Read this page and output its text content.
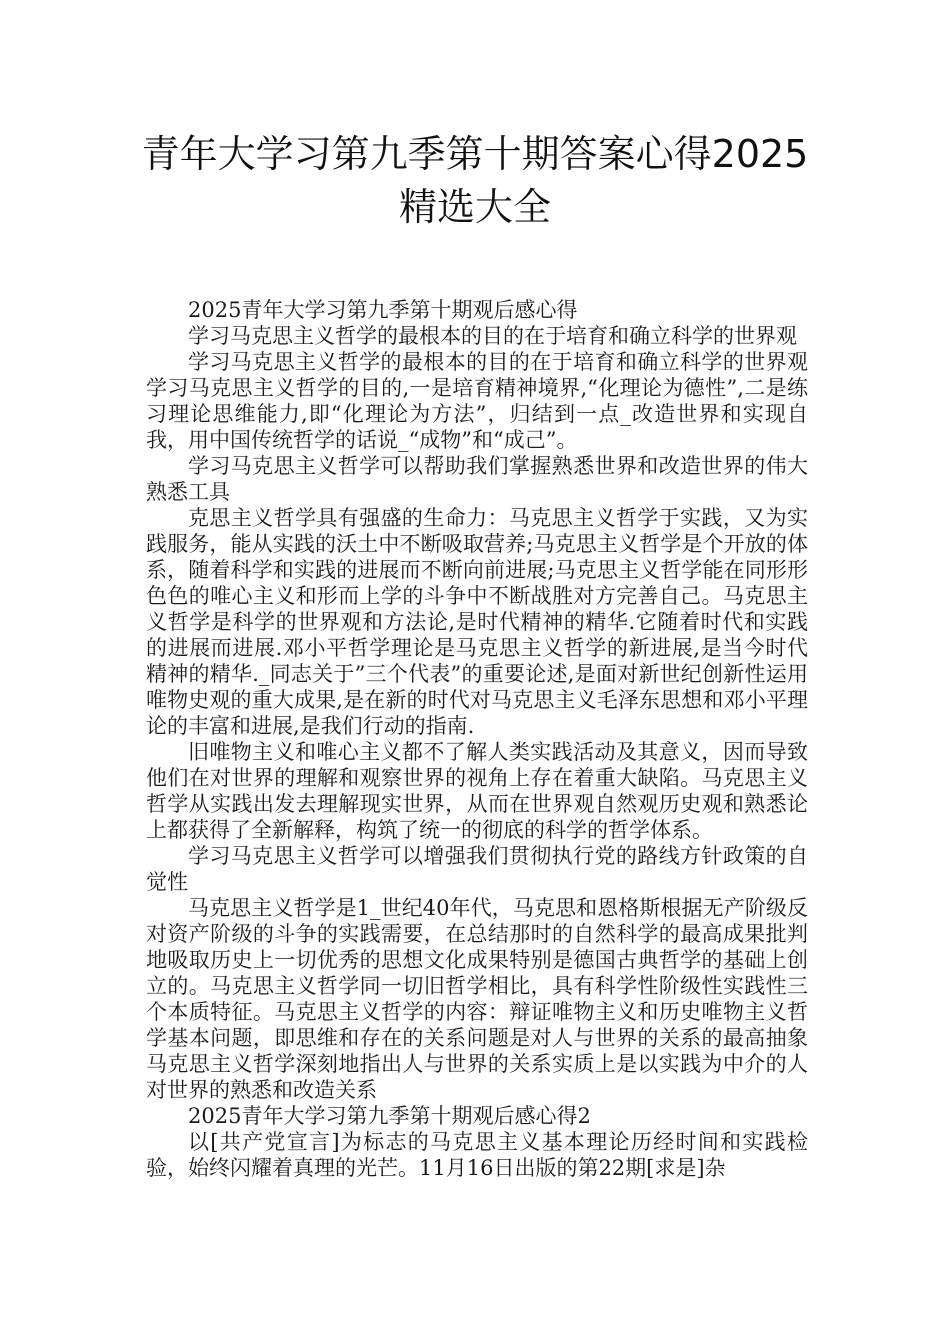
青年大学习第九季第十期答案心得2025
精选大全

2025青年大学习第九季第十期观后感心得

学习马克思主义哲学的最根本的目的在于培育和确立科学的世界观

学习马克思主义哲学的最根本的目的在于培育和确立科学的世界观学习马克思主义哲学的目的,一是培育精神境界,“化理论为德性”,二是练习理论思维能力,即“化理论为方法”，归结到一点_改造世界和实现自我，用中国传统哲学的话说_“成物”和“成己”。

学习马克思主义哲学可以帮助我们掌握熟悉世界和改造世界的伟大熟悉工具

克思主义哲学具有强盛的生命力：马克思主义哲学于实践，又为实践服务，能从实践的沃土中不断吸取营养;马克思主义哲学是个开放的体系，随着科学和实践的进展而不断向前进展;马克思主义哲学能在同形形色色的唯心主义和形而上学的斗争中不断战胜对方完善自己。马克思主义哲学是科学的世界观和方法论,是时代精神的精华.它随着时代和实践的进展而进展.邓小平哲学理论是马克思主义哲学的新进展,是当今时代精神的精华._同志关于”三个代表”的重要论述,是面对新世纪创新性运用唯物史观的重大成果,是在新的时代对马克思主义毛泽东思想和邓小平理论的丰富和进展,是我们行动的指南.

旧唯物主义和唯心主义都不了解人类实践活动及其意义，因而导致他们在对世界的理解和观察世界的视角上存在着重大缺陷。马克思主义哲学从实践出发去理解现实世界，从而在世界观自然观历史观和熟悉论上都获得了全新解释，构筑了统一的彻底的科学的哲学体系。

学习马克思主义哲学可以增强我们贯彻执行党的路线方针政策的自觉性

马克思主义哲学是1_世纪40年代，马克思和恩格斯根据无产阶级反对资产阶级的斗争的实践需要，在总结那时的自然科学的最高成果批判地吸取历史上一切优秀的思想文化成果特别是德国古典哲学的基础上创立的。马克思主义哲学同一切旧哲学相比，具有科学性阶级性实践性三个本质特征。马克思主义哲学的内容：辩证唯物主义和历史唯物主义哲学基本问题，即思维和存在的关系问题是对人与世界的关系的最高抽象马克思主义哲学深刻地指出人与世界的关系实质上是以实践为中介的人对世界的熟悉和改造关系

2025青年大学习第九季第十期观后感心得2

以[共产党宣言]为标志的马克思主义基本理论历经时间和实践检验，始终闪耀着真理的光芒。11月16日出版的第22期[求是]杂
